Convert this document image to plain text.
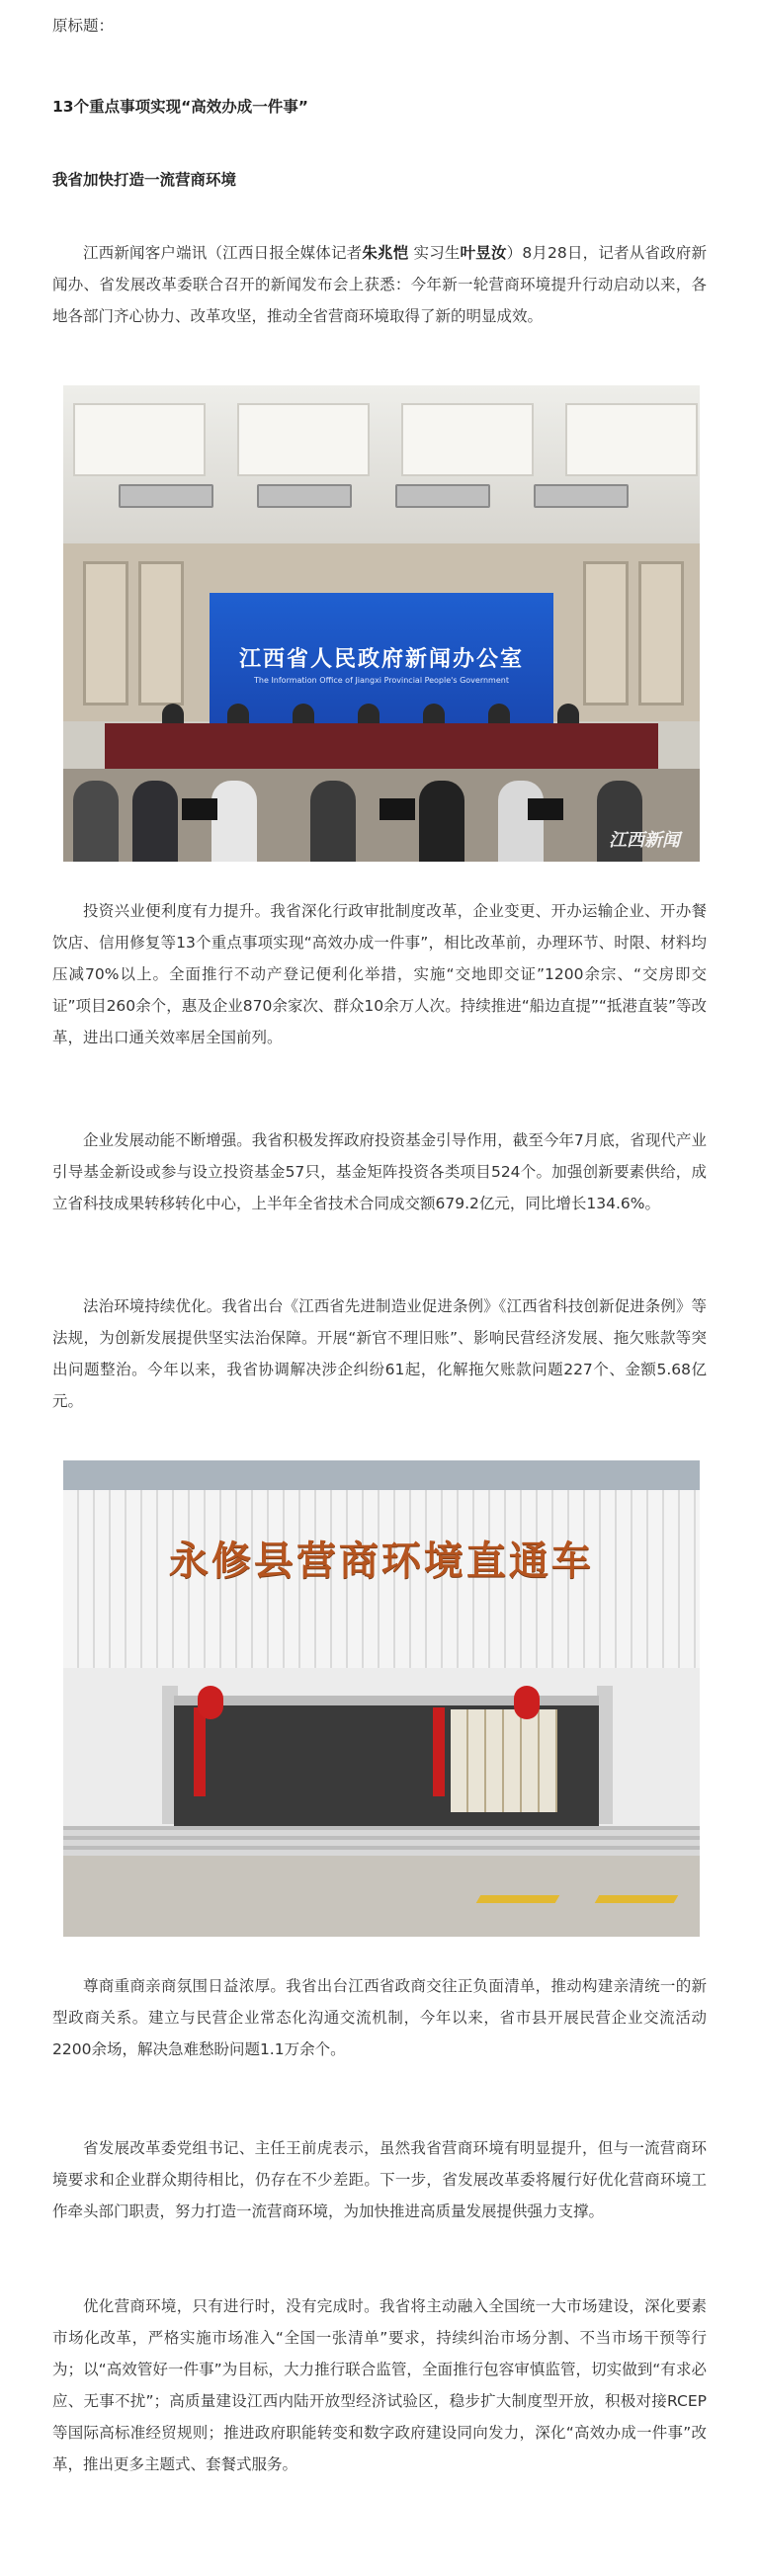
原标题：

13个重点事项实现“高效办成一件事”

我省加快打造一流营商环境

江西新闻客户端讯（江西日报全媒体记者朱兆恺 实习生叶昱汝）8月28日，记者从省政府新闻办、省发展改革委联合召开的新闻发布会上获悉：今年新一轮营商环境提升行动启动以来，各地各部门齐心协力、改革攻坚，推动全省营商环境取得了新的明显成效。

江西省人民政府新闻办公室
The Information Office of Jiangxi Provincial People's Government
江西新闻

投资兴业便利度有力提升。我省深化行政审批制度改革，企业变更、开办运输企业、开办餐饮店、信用修复等13个重点事项实现“高效办成一件事”，相比改革前，办理环节、时限、材料均压减70%以上。全面推行不动产登记便利化举措，实施“交地即交证”1200余宗、“交房即交证”项目260余个，惠及企业870余家次、群众10余万人次。持续推进“船边直提”“抵港直装”等改革，进出口通关效率居全国前列。

企业发展动能不断增强。我省积极发挥政府投资基金引导作用，截至今年7月底，省现代产业引导基金新设或参与设立投资基金57只，基金矩阵投资各类项目524个。加强创新要素供给，成立省科技成果转移转化中心，上半年全省技术合同成交额679.2亿元，同比增长134.6%。

法治环境持续优化。我省出台《江西省先进制造业促进条例》《江西省科技创新促进条例》等法规，为创新发展提供坚实法治保障。开展“新官不理旧账”、影响民营经济发展、拖欠账款等突出问题整治。今年以来，我省协调解决涉企纠纷61起，化解拖欠账款问题227个、金额5.68亿元。

永修县营商环境直通车

尊商重商亲商氛围日益浓厚。我省出台江西省政商交往正负面清单，推动构建亲清统一的新型政商关系。建立与民营企业常态化沟通交流机制，今年以来，省市县开展民营企业交流活动2200余场，解决急难愁盼问题1.1万余个。

省发展改革委党组书记、主任王前虎表示，虽然我省营商环境有明显提升，但与一流营商环境要求和企业群众期待相比，仍存在不少差距。下一步，省发展改革委将履行好优化营商环境工作牵头部门职责，努力打造一流营商环境，为加快推进高质量发展提供强力支撑。

优化营商环境，只有进行时，没有完成时。我省将主动融入全国统一大市场建设，深化要素市场化改革，严格实施市场准入“全国一张清单”要求，持续纠治市场分割、不当市场干预等行为；以“高效管好一件事”为目标，大力推行联合监管，全面推行包容审慎监管，切实做到“有求必应、无事不扰”；高质量建设江西内陆开放型经济试验区，稳步扩大制度型开放，积极对接RCEP等国际高标准经贸规则；推进政府职能转变和数字政府建设同向发力，深化“高效办成一件事”改革，推出更多主题式、套餐式服务。
